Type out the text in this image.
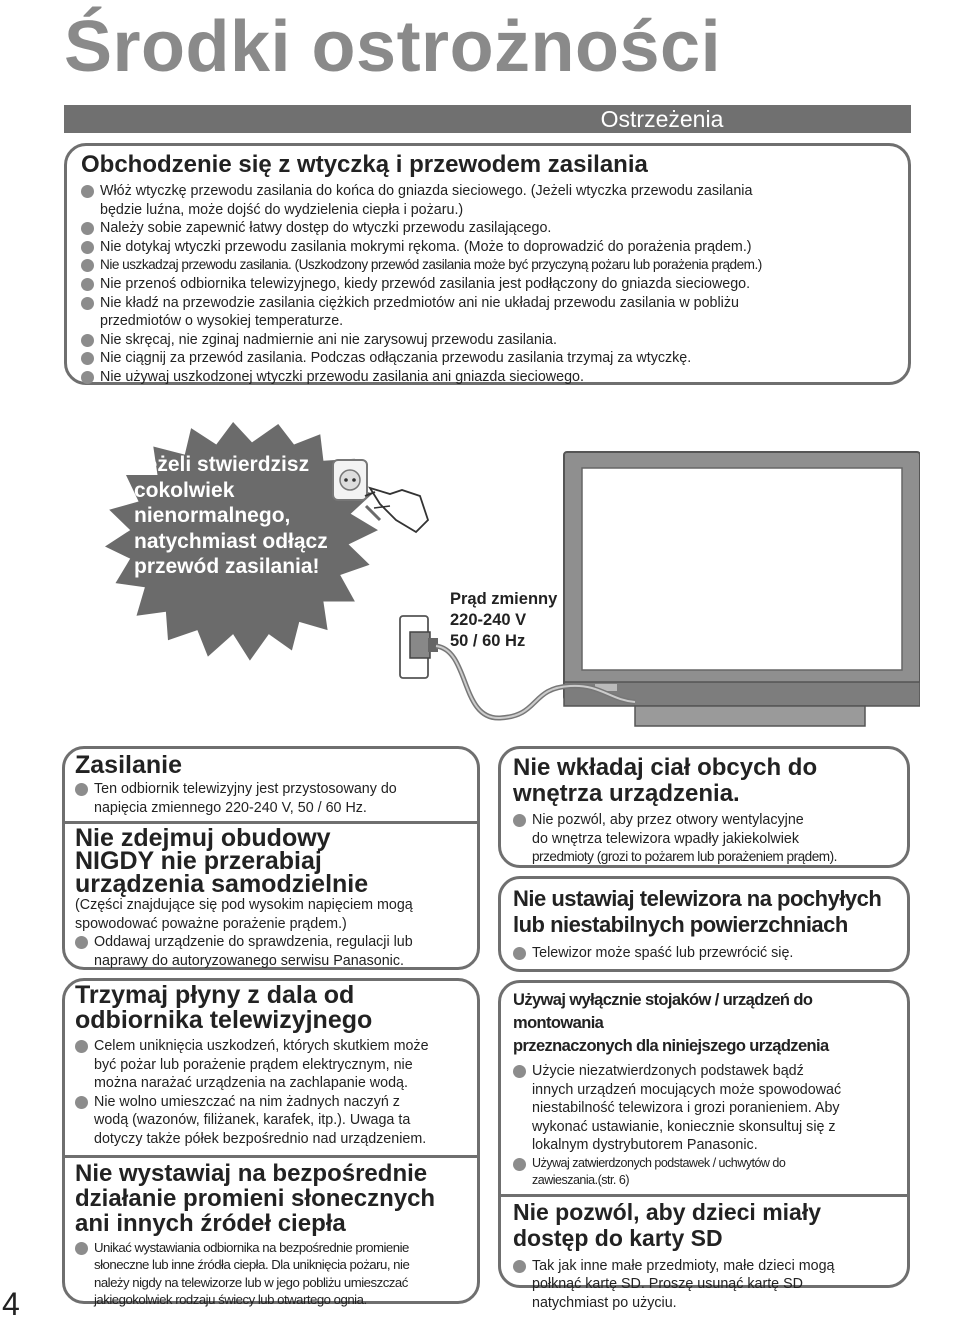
Środki ostrożności
Ostrzeżenia
Obchodzenie się z wtyczką i przewodem zasilania
Włóż wtyczkę przewodu zasilania do końca do gniazda sieciowego. (Jeżeli wtyczka przewodu zasilania
będzie luźna, może dojść do wydzielenia ciepła i pożaru.)
Należy sobie zapewnić łatwy dostęp do wtyczki przewodu zasilającego.
Nie dotykaj wtyczki przewodu zasilania mokrymi rękoma. (Może to doprowadzić do porażenia prądem.)
Nie uszkadzaj przewodu zasilania. (Uszkodzony przewód zasilania może być przyczyną pożaru lub porażenia prądem.)
Nie przenoś odbiornika telewizyjnego, kiedy przewód zasilania jest podłączony do gniazda sieciowego.
Nie kładź na przewodzie zasilania ciężkich przedmiotów ani nie układaj przewodu zasilania w pobliżu
przedmiotów o wysokiej temperaturze.
Nie skręcaj, nie zginaj nadmiernie ani nie zarysowuj przewodu zasilania.
Nie ciągnij za przewód zasilania. Podczas odłączania przewodu zasilania trzymaj za wtyczkę.
Nie używaj uszkodzonej wtyczki przewodu zasilania ani gniazda sieciowego.
Jeżeli stwierdzisz
cokolwiek
nienormalnego,
natychmiast odłącz
przewód zasilania!
Prąd zmienny
220-240 V
50 / 60 Hz
Zasilanie
Ten odbiornik telewizyjny jest przystosowany do
napięcia zmiennego 220-240 V, 50 / 60 Hz.
Nie zdejmuj obudowy
NIGDY nie przerabiaj
urządzenia samodzielnie
(Części znajdujące się pod wysokim napięciem mogą
spowodować poważne porażenie prądem.)
Oddawaj urządzenie do sprawdzenia, regulacji lub
naprawy do autoryzowanego serwisu Panasonic.
Trzymaj płyny z dala od
odbiornika telewizyjnego
Celem uniknięcia uszkodzeń, których skutkiem może
być pożar lub porażenie prądem elektrycznym, nie
można narażać urządzenia na zachlapanie wodą.
Nie wolno umieszczać na nim żadnych naczyń z
wodą (wazonów, filiżanek, karafek, itp.). Uwaga ta
dotyczy także półek bezpośrednio nad urządzeniem.
Nie wystawiaj na bezpośrednie
działanie promieni słonecznych
ani innych źródeł ciepła
Unikać wystawiania odbiornika na bezpośrednie promienie
słoneczne lub inne źródła ciepła. Dla uniknięcia pożaru, nie
należy nigdy na telewizorze lub w jego pobliżu umieszczać
jakiegokolwiek rodzaju świecy lub otwartego ognia.
Nie wkładaj ciał obcych do
wnętrza urządzenia.
Nie pozwól, aby przez otwory wentylacyjne
do wnętrza telewizora wpadły jakiekolwiek
przedmioty (grozi to pożarem lub porażeniem prądem).
Nie ustawiaj telewizora na pochyłych
lub niestabilnych powierzchniach
Telewizor może spaść lub przewrócić się.
Używaj wyłącznie stojaków / urządzeń do montowania
przeznaczonych dla niniejszego urządzenia
Użycie niezatwierdzonych podstawek bądź
innych urządzeń mocujących może spowodować
niestabilność telewizora i grozi poranieniem. Aby
wykonać ustawianie, koniecznie skonsultuj się z
lokalnym dystrybutorem Panasonic.
Używaj zatwierdzonych podstawek / uchwytów do
zawieszania.(str. 6)
Nie pozwól, aby dzieci miały
dostęp do karty SD
Tak jak inne małe przedmioty, małe dzieci mogą
połknąć kartę SD. Proszę usunąć kartę SD
natychmiast po użyciu.
4
